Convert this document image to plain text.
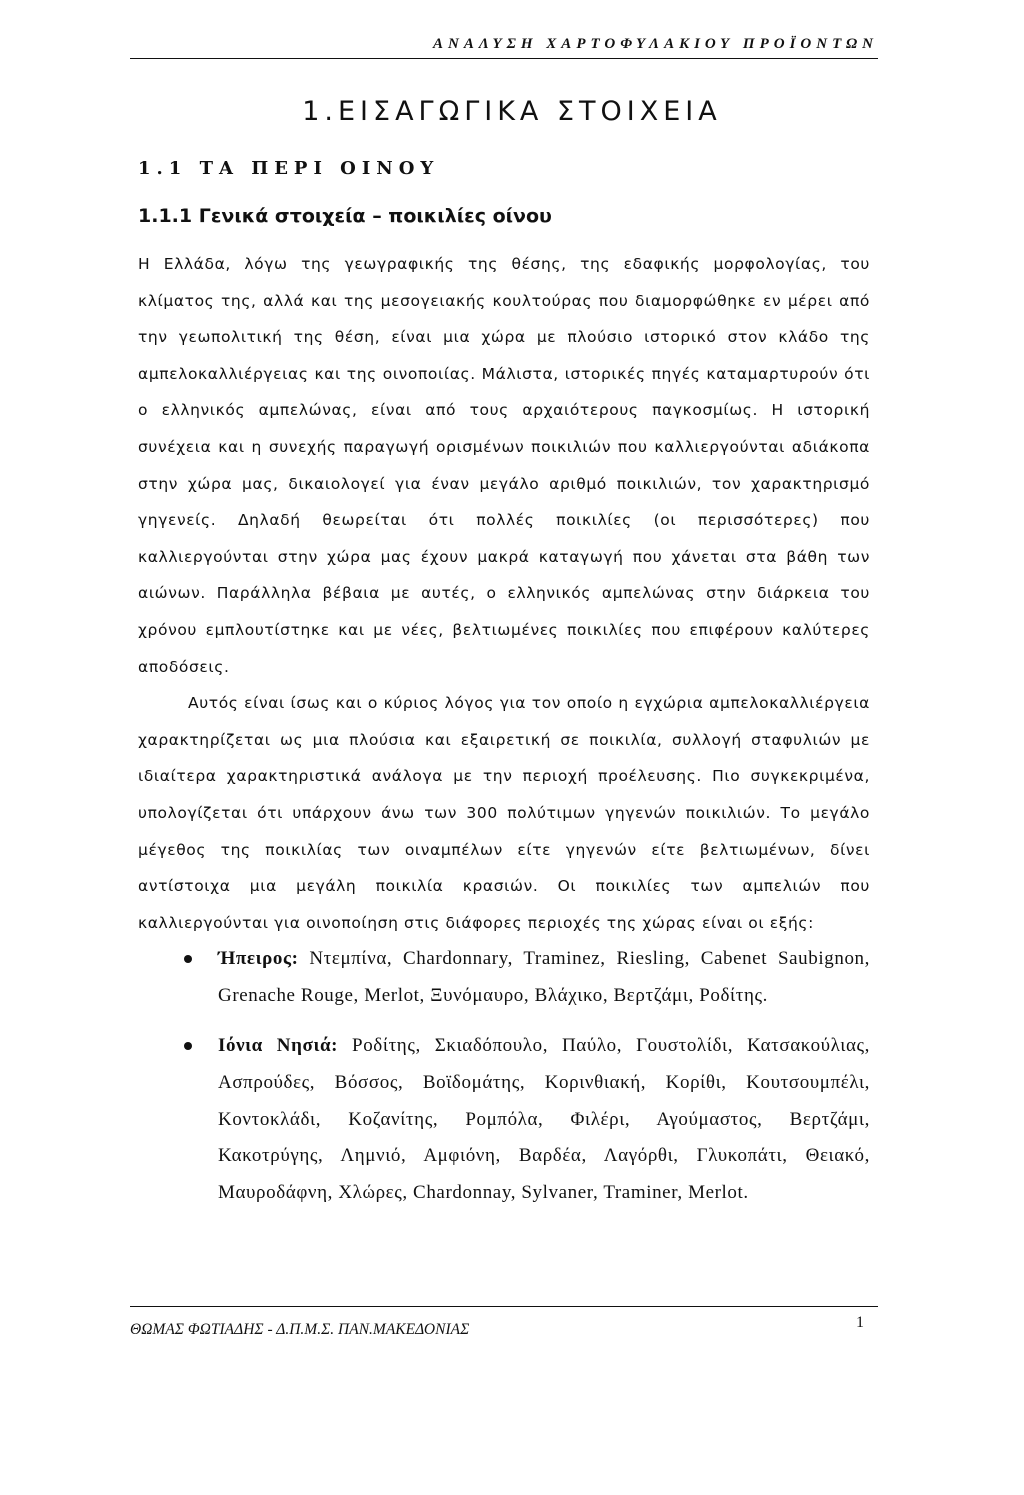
ΑΝΑΛΥΣΗ ΧΑΡΤΟΦΥΛΑΚΙΟΥ ΠΡΟΪΟΝΤΩΝ
1.ΕΙΣΑΓΩΓΙΚΑ ΣΤΟΙΧΕΙΑ
1.1 ΤΑ ΠΕΡΙ ΟΙΝΟΥ
1.1.1 Γενικά στοιχεία – ποικιλίες οίνου

Η Ελλάδα, λόγω της γεωγραφικής της θέσης, της εδαφικής μορφολογίας, του κλίματος της, αλλά και της μεσογειακής κουλτούρας που διαμορφώθηκε εν μέρει από την γεωπολιτική της θέση, είναι μια χώρα με πλούσιο ιστορικό στον κλάδο της αμπελοκαλλιέργειας και της οινοποιίας. Μάλιστα, ιστορικές πηγές καταμαρτυρούν ότι ο ελληνικός αμπελώνας, είναι από τους αρχαιότερους παγκοσμίως. Η ιστορική συνέχεια και η συνεχής παραγωγή ορισμένων ποικιλιών που καλλιεργούνται αδιάκοπα στην χώρα μας, δικαιολογεί για έναν μεγάλο αριθμό ποικιλιών, τον χαρακτηρισμό γηγενείς. Δηλαδή θεωρείται ότι πολλές ποικιλίες (οι περισσότερες) που καλλιεργούνται στην χώρα μας έχουν μακρά καταγωγή που χάνεται στα βάθη των αιώνων. Παράλληλα βέβαια με αυτές, ο ελληνικός αμπελώνας στην διάρκεια του χρόνου εμπλουτίστηκε και με νέες, βελτιωμένες ποικιλίες που επιφέρουν καλύτερες αποδόσεις.

Αυτός είναι ίσως και ο κύριος λόγος για τον οποίο η εγχώρια αμπελοκαλλιέργεια χαρακτηρίζεται ως μια πλούσια και εξαιρετική σε ποικιλία, συλλογή σταφυλιών με ιδιαίτερα χαρακτηριστικά ανάλογα με την περιοχή προέλευσης. Πιο συγκεκριμένα, υπολογίζεται ότι υπάρχουν άνω των 300 πολύτιμων γηγενών ποικιλιών. Το μεγάλο μέγεθος της ποικιλίας των οιναμπέλων είτε γηγενών είτε βελτιωμένων, δίνει αντίστοιχα μια μεγάλη ποικιλία κρασιών. Οι ποικιλίες των αμπελιών που καλλιεργούνται για οινοποίηση στις διάφορες περιοχές της χώρας είναι οι εξής:

Ήπειρος: Ντεμπίνα, Chardonnary, Traminez, Riesling, Cabenet Saubignon, Grenache Rouge, Merlot, Ξυνόμαυρο, Βλάχικο, Βερτζάμι, Ροδίτης.
Ιόνια Νησιά: Ροδίτης, Σκιαδόπουλο, Παύλο, Γουστολίδι, Κατσακούλιας, Ασπρούδες, Βόσσος, Βοϊδομάτης, Κορινθιακή, Κορίθι, Κουτσουμπέλι, Κοντοκλάδι, Κοζανίτης, Ρομπόλα, Φιλέρι, Αγούμαστος, Βερτζάμι, Κακοτρύγης, Λημνιό, Αμφιόνη, Βαρδέα, Λαγόρθι, Γλυκοπάτι, Θειακό, Μαυροδάφνη, Χλώρες, Chardonnay, Sylvaner, Traminer, Merlot.
ΘΩΜΑΣ ΦΩΤΙΑΔΗΣ - Δ.Π.Μ.Σ. ΠΑΝ.ΜΑΚΕΔΟΝΙΑΣ	1
